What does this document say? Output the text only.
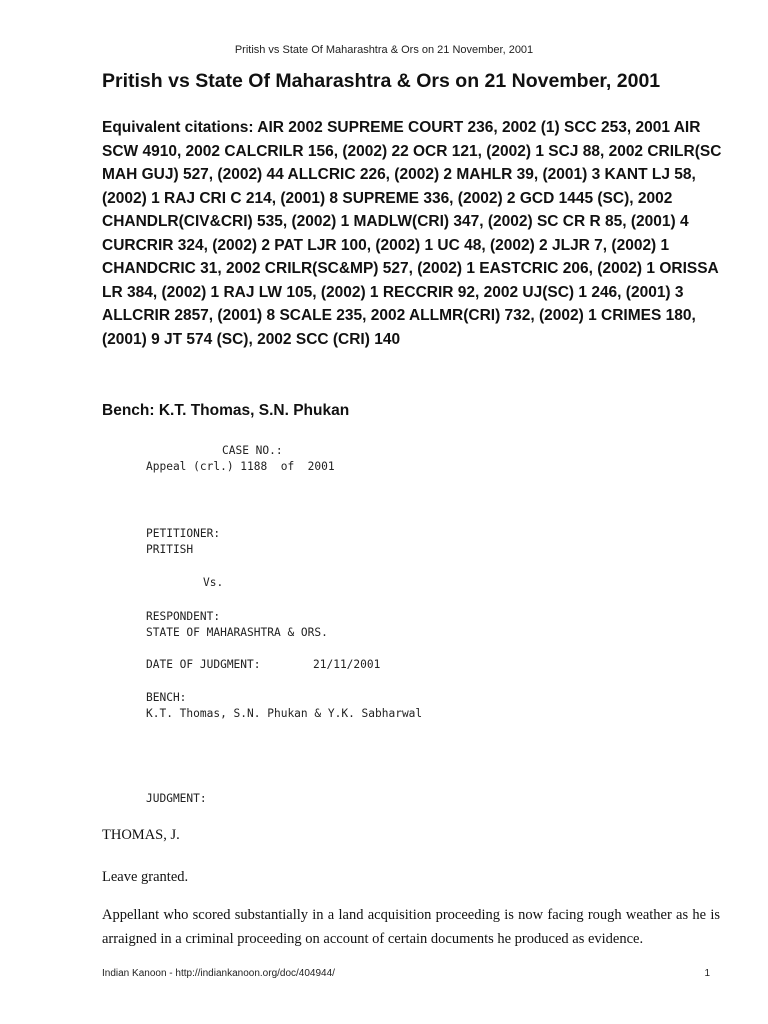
Pritish vs State Of Maharashtra & Ors on 21 November, 2001
Pritish vs State Of Maharashtra & Ors on 21 November, 2001
Equivalent citations: AIR 2002 SUPREME COURT 236, 2002 (1) SCC 253, 2001 AIR SCW 4910, 2002 CALCRILR 156, (2002) 22 OCR 121, (2002) 1 SCJ 88, 2002 CRILR(SC MAH GUJ) 527, (2002) 44 ALLCRIC 226, (2002) 2 MAHLR 39, (2001) 3 KANT LJ 58, (2002) 1 RAJ CRI C 214, (2001) 8 SUPREME 336, (2002) 2 GCD 1445 (SC), 2002 CHANDLR(CIV&CRI) 535, (2002) 1 MADLW(CRI) 347, (2002) SC CR R 85, (2001) 4 CURCRIR 324, (2002) 2 PAT LJR 100, (2002) 1 UC 48, (2002) 2 JLJR 7, (2002) 1 CHANDCRIC 31, 2002 CRILR(SC&MP) 527, (2002) 1 EASTCRIC 206, (2002) 1 ORISSA LR 384, (2002) 1 RAJ LW 105, (2002) 1 RECCRIR 92, 2002 UJ(SC) 1 246, (2001) 3 ALLCRIR 2857, (2001) 8 SCALE 235, 2002 ALLMR(CRI) 732, (2002) 1 CRIMES 180, (2001) 9 JT 574 (SC), 2002 SCC (CRI) 140
Bench: K.T. Thomas, S.N. Phukan
CASE NO.:
Appeal (crl.) 1188  of  2001
PETITIONER:
PRITISH
Vs.
RESPONDENT:
STATE OF MAHARASHTRA & ORS.
DATE OF JUDGMENT:	21/11/2001
BENCH:
K.T. Thomas, S.N. Phukan & Y.K. Sabharwal
JUDGMENT:

THOMAS, J.

Leave granted.

Appellant who scored substantially in a land acquisition proceeding is now facing rough weather as he is arraigned in a criminal proceeding on account of certain documents he produced as evidence.

Indian Kanoon - http://indiankanoon.org/doc/404944/	1
